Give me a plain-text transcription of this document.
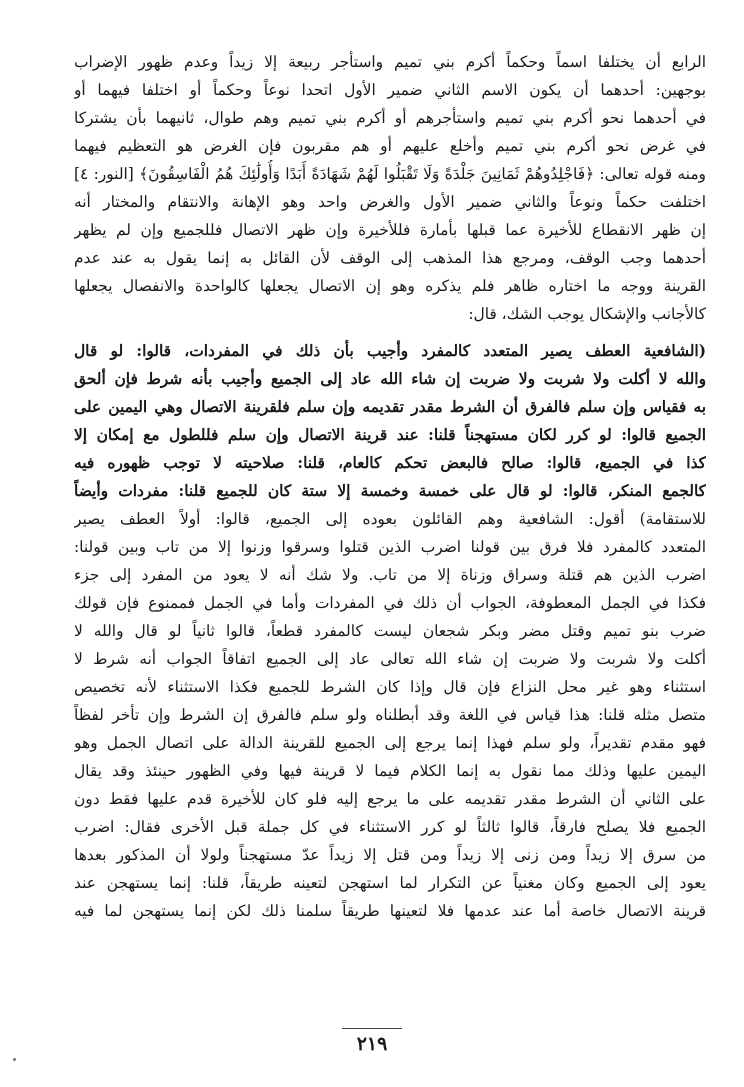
الرابع أن يختلفا اسماً وحكماً أكرم بني تميم واستأجر ربيعة إلا زيداً وعدم ظهور الإضراب
بوجهين: أحدهما أن يكون الاسم الثاني ضمير الأول اتحدا نوعاً وحكماً أو اختلفا فيهما أو
في أحدهما نحو أكرم بني تميم واستأجرهم أو أكرم بني تميم وهم طوال، ثانيهما بأن يشتركا
في غرض نحو أكرم بني تميم وأخلع عليهم أو هم مقربون فإن الغرض هو التعظيم فيهما
ومنه قوله تعالى: ﴿فَاجْلِدُوهُمْ ثَمَانِينَ جَلْدَةً وَلَا تَقْبَلُوا لَهُمْ شَهَادَةً أَبَدًا وَأُولَٰئِكَ هُمُ الْفَاسِقُونَ﴾ [النور: ٤]
اختلفت حكماً ونوعاً والثاني ضمير الأول والغرض واحد وهو الإهانة والانتقام والمختار أنه
إن ظهر الانقطاع للأخيرة عما قبلها بأمارة فللأخيرة وإن ظهر الاتصال فللجميع وإن لم يظهر
أحدهما وجب الوقف، ومرجع هذا المذهب إلى الوقف لأن القائل به إنما يقول به عند عدم
القرينة ووجه ما اختاره ظاهر فلم يذكره وهو إن الاتصال يجعلها كالواحدة والانفصال يجعلها
كالأجانب والإشكال يوجب الشك، قال:
(الشافعية العطف يصير المتعدد كالمفرد وأجيب بأن ذلك في المفردات، قالوا: لو قال
والله لا أكلت ولا شربت ولا ضربت إن شاء الله عاد إلى الجميع وأجيب بأنه شرط فإن ألحق
به فقياس وإن سلم فالفرق أن الشرط مقدر تقديمه وإن سلم فلقرينة الاتصال وهي اليمين على
الجميع قالوا: لو كرر لكان مستهجناً قلنا: عند قرينة الاتصال وإن سلم فللطول مع إمكان إلا
كذا في الجميع، قالوا: صالح فالبعض تحكم كالعام، قلنا: صلاحيته لا توجب ظهوره فيه
كالجمع المنكر، قالوا: لو قال على خمسة وخمسة إلا ستة كان للجميع قلنا: مفردات وأيضاً
للاستقامة) أقول: الشافعية وهم القائلون بعوده إلى الجميع، قالوا: أولاً العطف يصير
المتعدد كالمفرد فلا فرق بين قولنا اضرب الذين قتلوا وسرقوا وزنوا إلا من تاب وبين قولنا:
اضرب الذين هم قتلة وسراق وزناة إلا من تاب. ولا شك أنه لا يعود من المفرد إلى جزء
فكذا في الجمل المعطوفة، الجواب أن ذلك في المفردات وأما في الجمل فممنوع فإن قولك
ضرب بنو تميم وقتل مضر وبكر شجعان ليست كالمفرد قطعاً، قالوا ثانياً لو قال والله لا
أكلت ولا شربت ولا ضربت إن شاء الله تعالى عاد إلى الجميع اتفاقاً الجواب أنه شرط لا
استثناء وهو غير محل النزاع فإن قال وإذا كان الشرط للجميع فكذا الاستثناء لأنه تخصيص
متصل مثله قلنا: هذا قياس في اللغة وقد أبطلناه ولو سلم فالفرق إن الشرط وإن تأخر لفظاً
فهو مقدم تقديراً، ولو سلم فهذا إنما يرجع إلى الجميع للقرينة الدالة على اتصال الجمل وهو
اليمين عليها وذلك مما نقول به إنما الكلام فيما لا قرينة فيها وفي الظهور حينئذ وقد يقال
على الثاني أن الشرط مقدر تقديمه على ما يرجع إليه فلو كان للأخيرة قدم عليها فقط دون
الجميع فلا يصلح فارقاً، قالوا ثالثاً لو كرر الاستثناء في كل جملة قبل الأخرى فقال: اضرب
من سرق إلا زيداً ومن زنى إلا زيداً ومن قتل إلا زيداً عدّ مستهجناً ولولا أن المذكور بعدها
يعود إلى الجميع وكان مغنياً عن التكرار لما استهجن لتعينه طريقاً، قلنا: إنما يستهجن عند
قرينة الاتصال خاصة أما عند عدمها فلا لتعينها طريقاً سلمنا ذلك لكن إنما يستهجن لما فيه
٢١٩
